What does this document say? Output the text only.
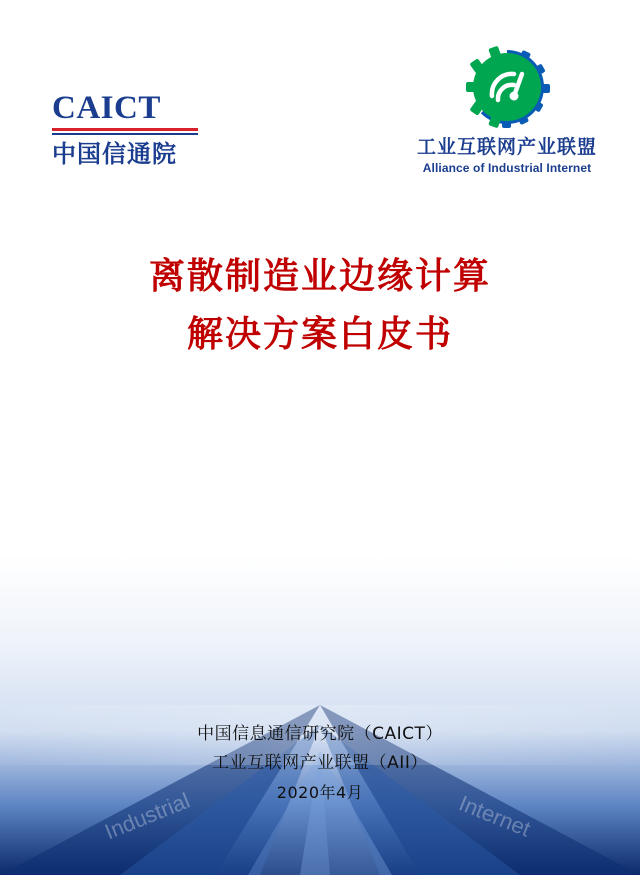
CAICT
中国信通院	工业互联网产业联盟
Alliance of Industrial Internet
离散制造业边缘计算
解决方案白皮书
Industrial	Internet
中国信息通信研究院（CAICT）
工业互联网产业联盟（AII）
2020年4月
